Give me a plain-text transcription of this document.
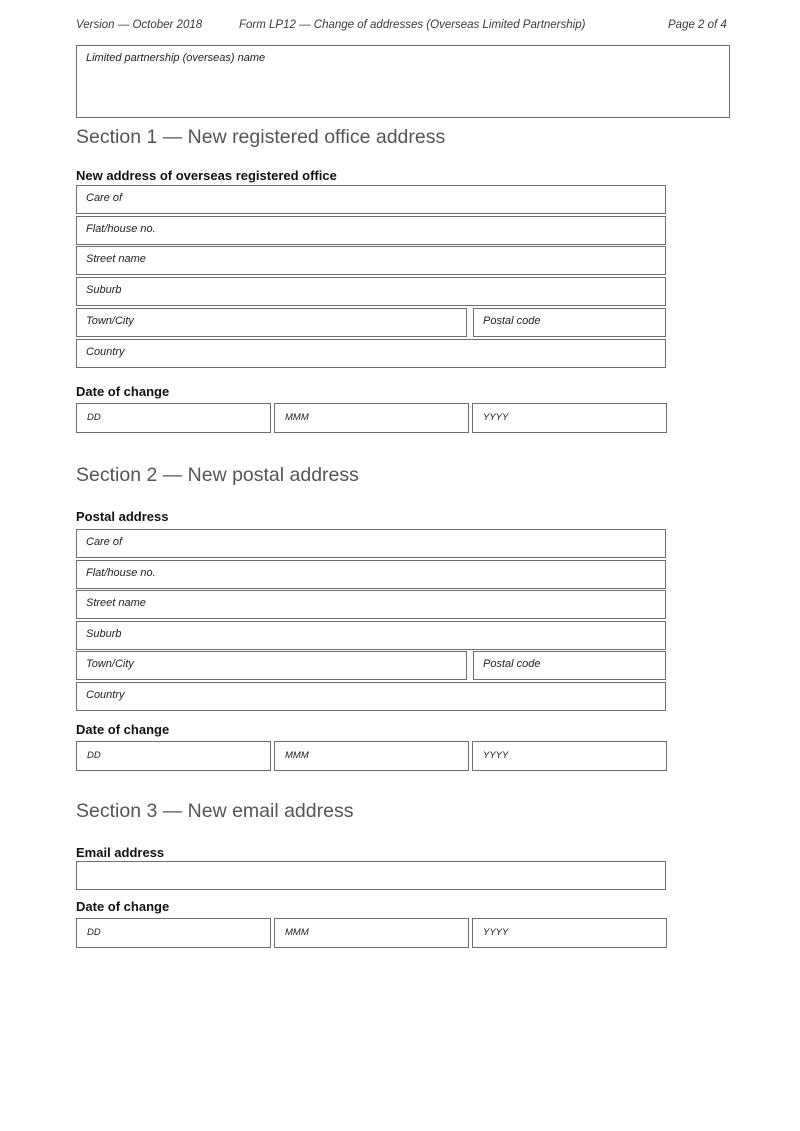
Version — October 2018	Form LP12 — Change of addresses (Overseas Limited Partnership)	Page 2 of 4
Limited partnership (overseas) name
Section 1 — New registered office address
New address of overseas registered office
Care of
Flat/house no.
Street name
Suburb
Town/City	Postal code
Country
Date of change
DD	MMM	YYYY
Section 2 — New postal address
Postal address
Care of
Flat/house no.
Street name
Suburb
Town/City	Postal code
Country
Date of change
DD	MMM	YYYY
Section 3 — New email address
Email address
Date of change
DD	MMM	YYYY
